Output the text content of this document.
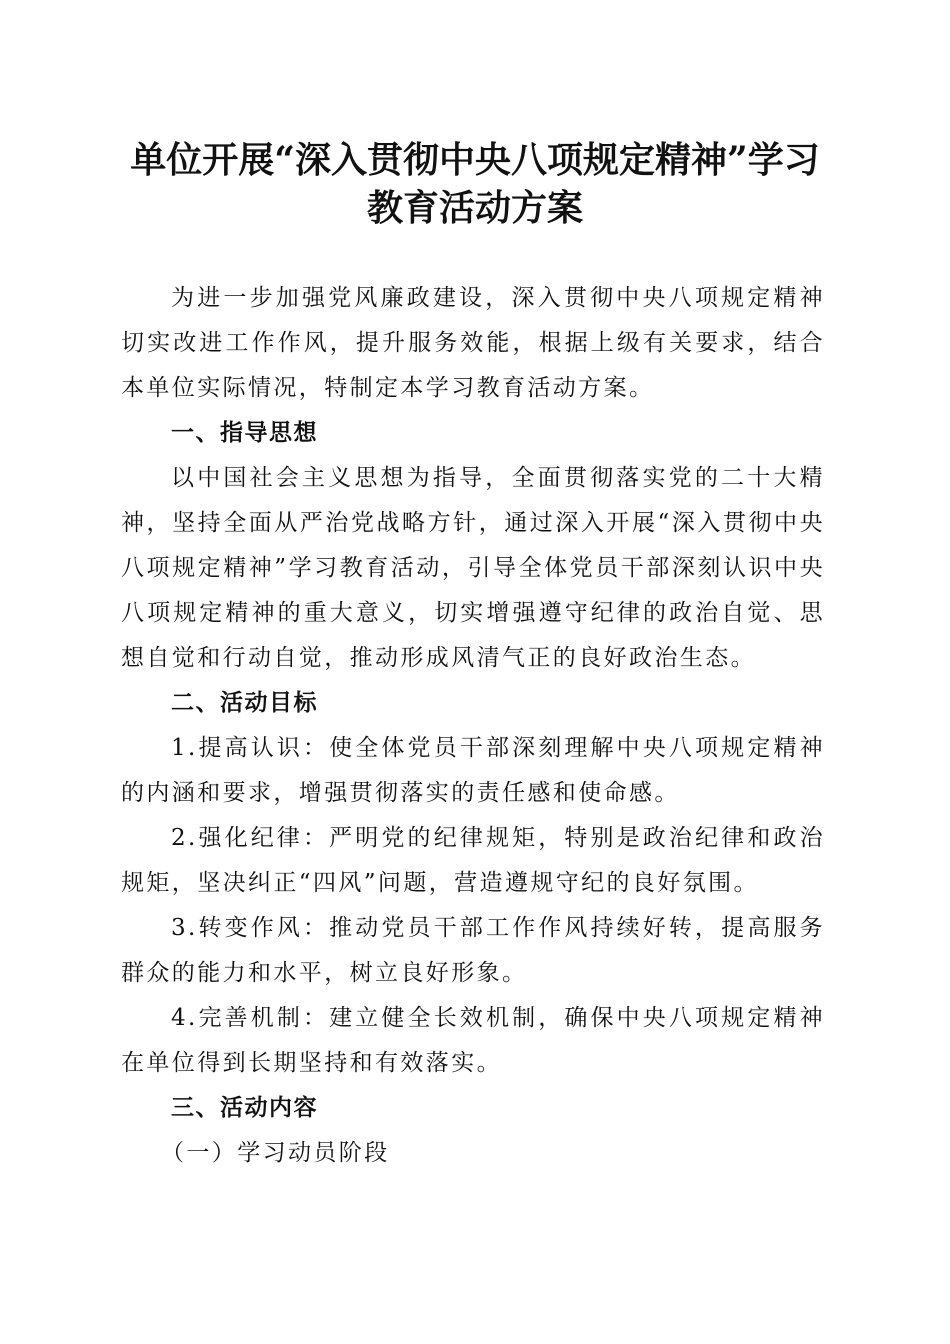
单位开展“深入贯彻中央八项规定精神”学习
教育活动方案

为进一步加强党风廉政建设，深入贯彻中央八项规定精神切实改进工作作风，提升服务效能，根据上级有关要求，结合本单位实际情况，特制定本学习教育活动方案。

一、指导思想

以中国社会主义思想为指导，全面贯彻落实党的二十大精神，坚持全面从严治党战略方针，通过深入开展“深入贯彻中央八项规定精神”学习教育活动，引导全体党员干部深刻认识中央八项规定精神的重大意义，切实增强遵守纪律的政治自觉、思想自觉和行动自觉，推动形成风清气正的良好政治生态。

二、活动目标

1.提高认识：使全体党员干部深刻理解中央八项规定精神的内涵和要求，增强贯彻落实的责任感和使命感。

2.强化纪律：严明党的纪律规矩，特别是政治纪律和政治规矩，坚决纠正“四风”问题，营造遵规守纪的良好氛围。

3.转变作风：推动党员干部工作作风持续好转，提高服务群众的能力和水平，树立良好形象。

4.完善机制：建立健全长效机制，确保中央八项规定精神在单位得到长期坚持和有效落实。

三、活动内容

（一）学习动员阶段
